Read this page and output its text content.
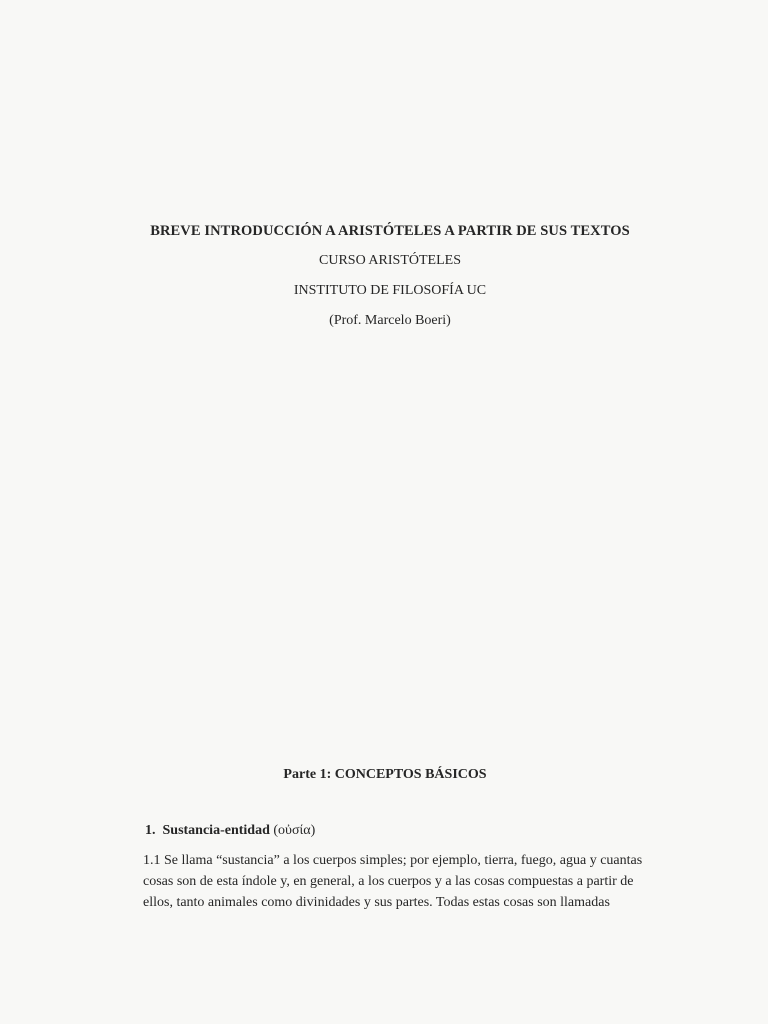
BREVE INTRODUCCIÓN A ARISTÓTELES A PARTIR DE SUS TEXTOS

CURSO ARISTÓTELES

INSTITUTO DE FILOSOFÍA UC

(Prof. Marcelo Boeri)

Parte 1: CONCEPTOS BÁSICOS

1. Sustancia-entidad (οὐσία)

1.1 Se llama “sustancia” a los cuerpos simples; por ejemplo, tierra, fuego, agua y cuantas cosas son de esta índole y, en general, a los cuerpos y a las cosas compuestas a partir de ellos, tanto animales como divinidades y sus partes. Todas estas cosas son llamadas
